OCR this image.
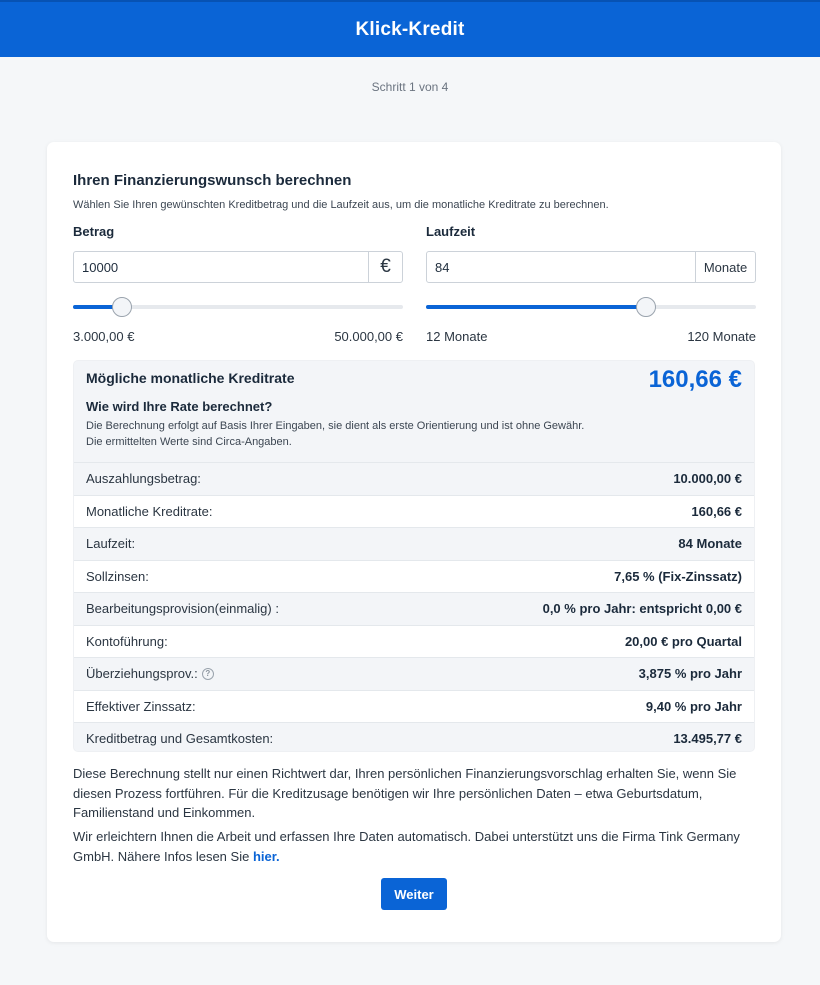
Klick-Kredit
Schritt 1 von 4
Ihren Finanzierungswunsch berechnen
Wählen Sie Ihren gewünschten Kreditbetrag und die Laufzeit aus, um die monatliche Kreditrate zu berechnen.
Betrag
10000
€
3.000,00 €	50.000,00 €
Laufzeit
84
Monate
12 Monate	120 Monate
Mögliche monatliche Kreditrate	160,66 €
Wie wird Ihre Rate berechnet?
Die Berechnung erfolgt auf Basis Ihrer Eingaben, sie dient als erste Orientierung und ist ohne Gewähr.
Die ermittelten Werte sind Circa-Angaben.
Auszahlungsbetrag:	10.000,00 €
Monatliche Kreditrate:	160,66 €
Laufzeit:	84 Monate
Sollzinsen:	7,65 % (Fix-Zinssatz)
Bearbeitungsprovision(einmalig) :	0,0 % pro Jahr: entspricht 0,00 €
Kontoführung:	20,00 € pro Quartal
Überziehungsprov.: ?	3,875 % pro Jahr
Effektiver Zinssatz:	9,40 % pro Jahr
Kreditbetrag und Gesamtkosten:	13.495,77 €
Diese Berechnung stellt nur einen Richtwert dar, Ihren persönlichen Finanzierungsvorschlag erhalten Sie, wenn Sie diesen Prozess fortführen. Für die Kreditzusage benötigen wir Ihre persönlichen Daten – etwa Geburtsdatum, Familienstand und Einkommen.
Wir erleichtern Ihnen die Arbeit und erfassen Ihre Daten automatisch. Dabei unterstützt uns die Firma Tink Germany GmbH. Nähere Infos lesen Sie hier.
Weiter
